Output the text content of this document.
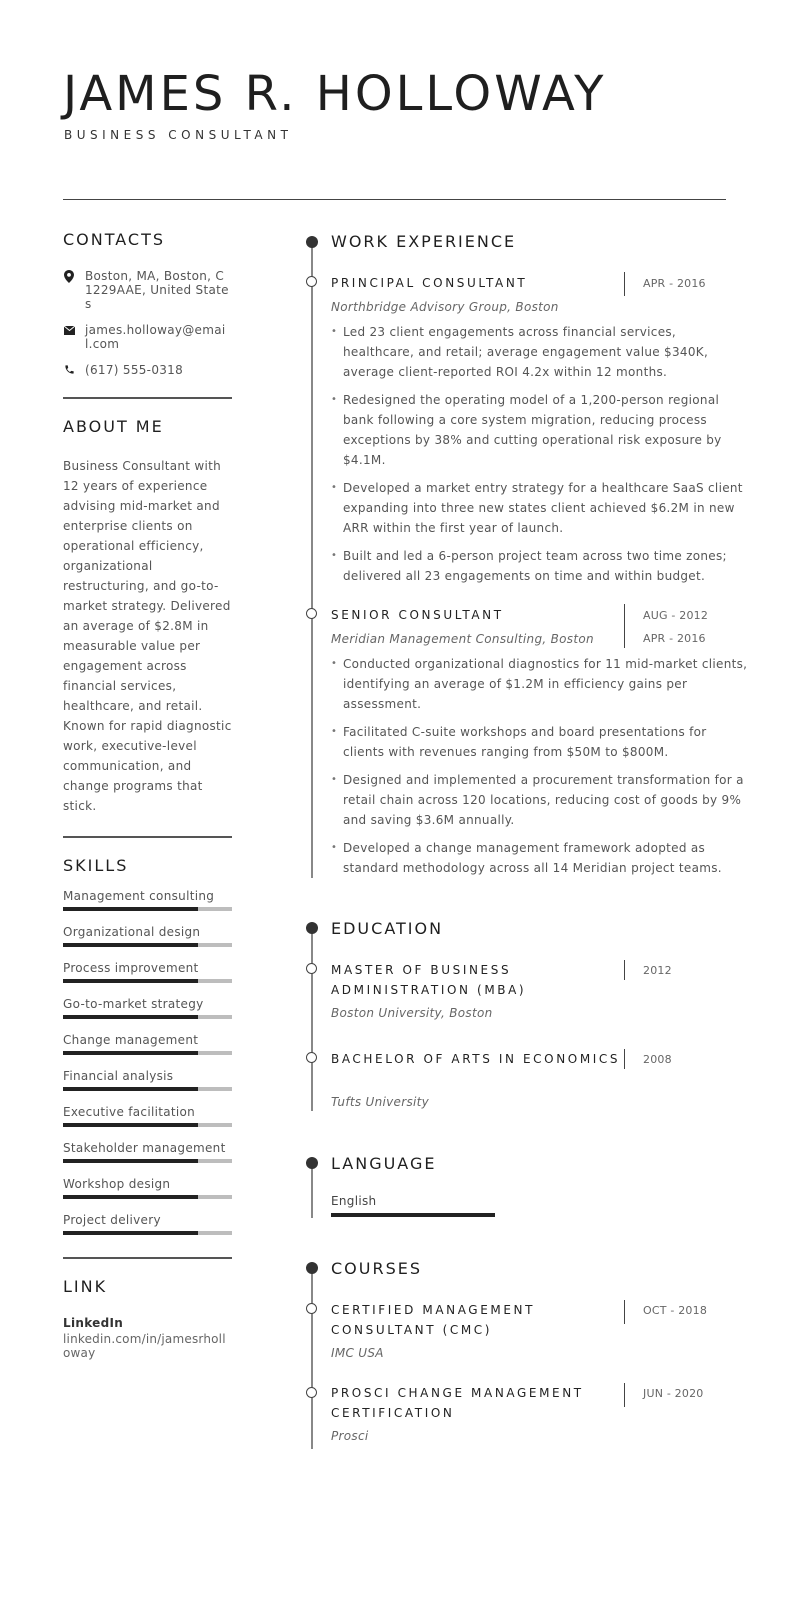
JAMES R. HOLLOWAY
BUSINESS CONSULTANT
CONTACTS
Boston, MA, Boston, C1229AAE, United States
james.holloway@email.com
(617) 555-0318
ABOUT ME
Business Consultant with 12 years of experience advising mid-market and enterprise clients on operational efficiency, organizational restructuring, and go-to-market strategy. Delivered an average of $2.8M in measurable value per engagement across financial services, healthcare, and retail. Known for rapid diagnostic work, executive-level communication, and change programs that stick.
SKILLS
Management consulting
Organizational design
Process improvement
Go-to-market strategy
Change management
Financial analysis
Executive facilitation
Stakeholder management
Workshop design
Project delivery
LINK
LinkedIn
linkedin.com/in/jamesrholloway
WORK EXPERIENCE
PRINCIPAL CONSULTANT
Northbridge Advisory Group, Boston
APR - 2016
• Led 23 client engagements across financial services, healthcare, and retail; average engagement value $340K, average client-reported ROI 4.2x within 12 months.
• Redesigned the operating model of a 1,200-person regional bank following a core system migration, reducing process exceptions by 38% and cutting operational risk exposure by $4.1M.
• Developed a market entry strategy for a healthcare SaaS client expanding into three new states client achieved $6.2M in new ARR within the first year of launch.
• Built and led a 6-person project team across two time zones; delivered all 23 engagements on time and within budget.
SENIOR CONSULTANT
Meridian Management Consulting, Boston
AUG - 2012
APR - 2016
• Conducted organizational diagnostics for 11 mid-market clients, identifying an average of $1.2M in efficiency gains per assessment.
• Facilitated C-suite workshops and board presentations for clients with revenues ranging from $50M to $800M.
• Designed and implemented a procurement transformation for a retail chain across 120 locations, reducing cost of goods by 9% and saving $3.6M annually.
• Developed a change management framework adopted as standard methodology across all 14 Meridian project teams.
EDUCATION
MASTER OF BUSINESS ADMINISTRATION (MBA)
Boston University, Boston
2012
BACHELOR OF ARTS IN ECONOMICS
Tufts University
2008
LANGUAGE
English
COURSES
CERTIFIED MANAGEMENT CONSULTANT (CMC)
IMC USA
OCT - 2018
PROSCI CHANGE MANAGEMENT CERTIFICATION
Prosci
JUN - 2020
